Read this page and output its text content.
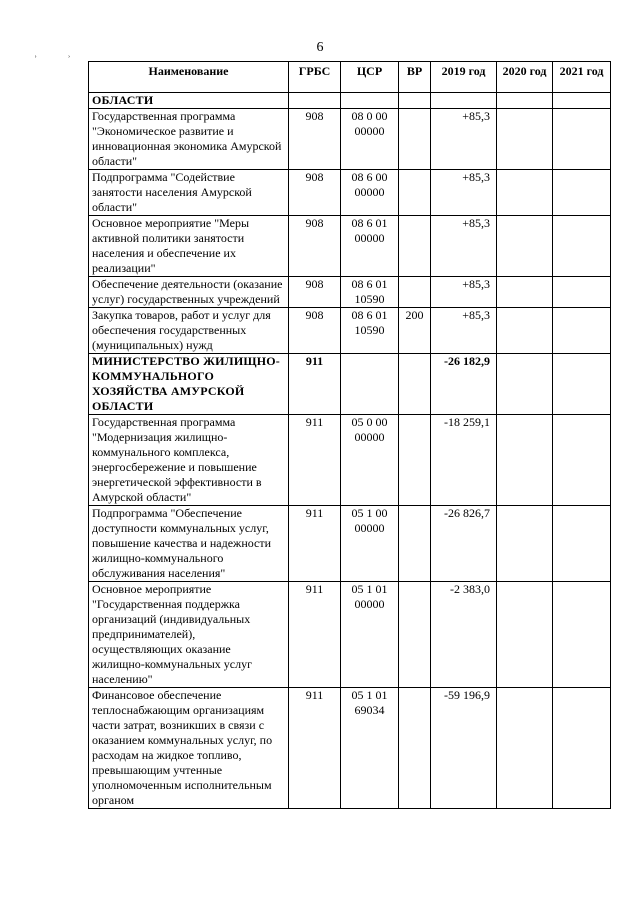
6
˒˒
Наименование	ГРБС	ЦСР	ВР	2019 год	2020 год	2021 год
ОБЛАСТИ						
Государственная программа "Экономическое развитие и инновационная экономика Амурской области"	908	08 0 00 00000		+85,3		
Подпрограмма "Содействие занятости населения Амурской области"	908	08 6 00 00000		+85,3		
Основное мероприятие "Меры активной политики занятости населения и обеспечение их реализации"	908	08 6 01 00000		+85,3		
Обеспечение деятельности (оказание услуг) государственных учреждений	908	08 6 01 10590		+85,3		
Закупка товаров, работ и услуг для обеспечения государственных (муниципальных) нужд	908	08 6 01 10590	200	+85,3		
МИНИСТЕРСТВО ЖИЛИЩНО-КОММУНАЛЬНОГО ХОЗЯЙСТВА АМУРСКОЙ ОБЛАСТИ	911			-26 182,9		
Государственная программа "Модернизация жилищно-коммунального комплекса, энергосбережение и повышение энергетической эффективности в Амурской области"	911	05 0 00 00000		-18 259,1		
Подпрограмма "Обеспечение доступности коммунальных услуг, повышение качества и надежности жилищно-коммунального обслуживания населения"	911	05 1 00 00000		-26 826,7		
Основное мероприятие "Государственная поддержка организаций (индивидуальных предпринимателей), осуществляющих оказание жилищно-коммунальных услуг населению"	911	05 1 01 00000		-2 383,0		
Финансовое обеспечение теплоснабжающим организациям части затрат, возникших в связи с оказанием коммунальных услуг, по расходам на жидкое топливо, превышающим учтенные уполномоченным исполнительным органом	911	05 1 01 69034		-59 196,9		
